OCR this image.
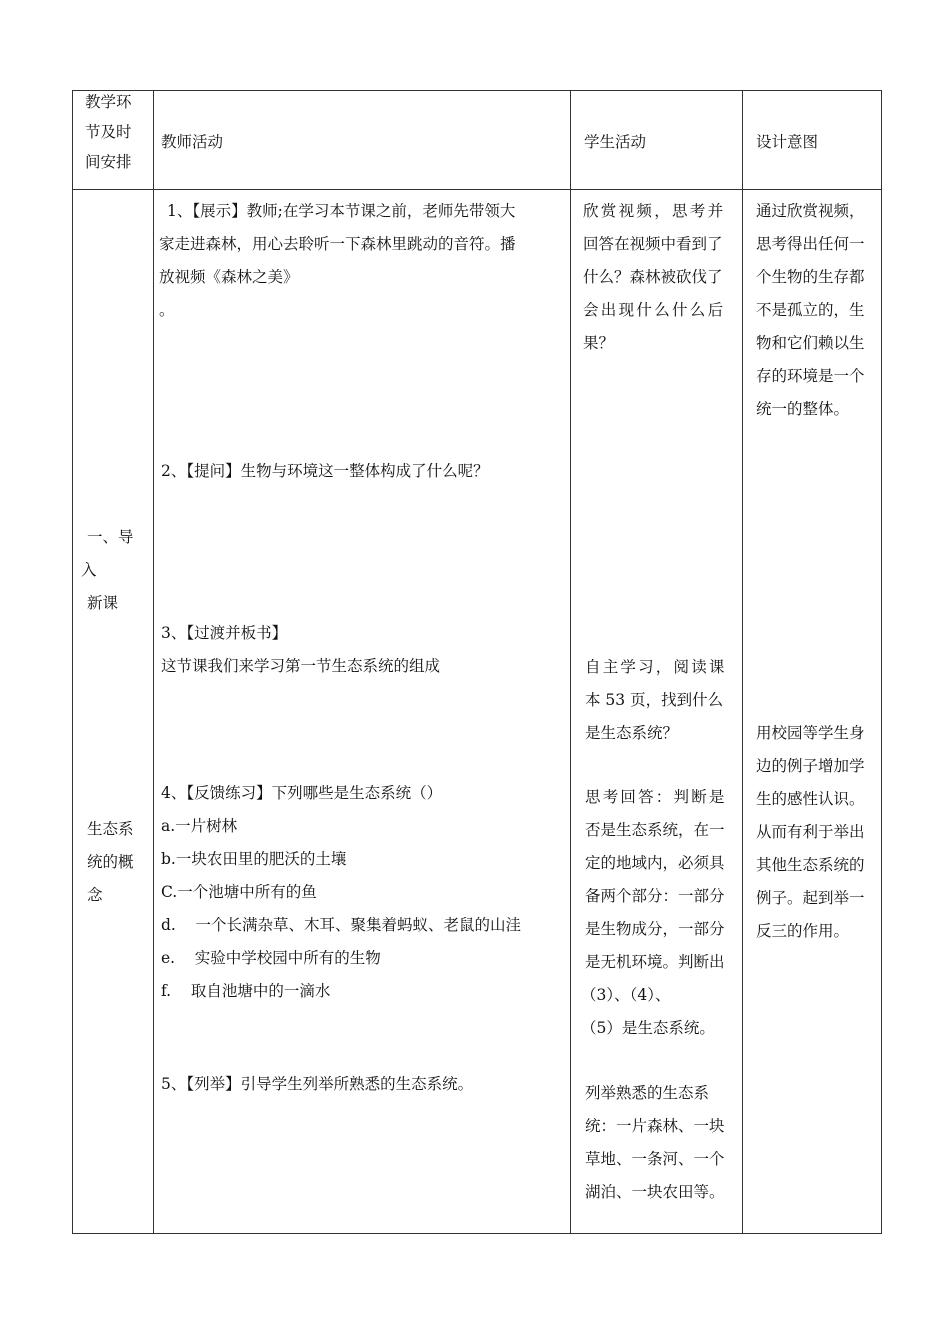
教学环
节及时
间安排
教师活动	学生活动	设计意图
一、导
入
新课
生态系
统的概
念
1、【展示】教师;在学习本节课之前，老师先带领大
家走进森林，用心去聆听一下森林里跳动的音符。播
放视频《森林之美》
。
2、【提问】生物与环境这一整体构成了什么呢？
3、【过渡并板书】
这节课我们来学习第一节生态系统的组成
4、【反馈练习】下列哪些是生态系统（）
a.一片树林
b.一块农田里的肥沃的土壤
C.一个池塘中所有的鱼
d.    一个长满杂草、木耳、聚集着蚂蚁、老鼠的山洼
e.    实验中学校园中所有的生物
f.    取自池塘中的一滴水
5、【列举】引导学生列举所熟悉的生态系统。
欣赏视频，思考并
回答在视频中看到了
什么？森林被砍伐了
会出现什么什么后
果？
自主学习，阅读课
本 53 页，找到什么
是生态系统？
思考回答：判断是
否是生态系统，在一
定的地域内，必须具
备两个部分：一部分
是生物成分，一部分
是无机环境。判断出
（3）、（4）、
（5）是生态系统。
列举熟悉的生态系
统：一片森林、一块
草地、一条河、一个
湖泊、一块农田等。
通过欣赏视频，
思考得出任何一
个生物的生存都
不是孤立的，生
物和它们赖以生
存的环境是一个
统一的整体。
用校园等学生身
边的例子增加学
生的感性认识。
从而有利于举出
其他生态系统的
例子。起到举一
反三的作用。
